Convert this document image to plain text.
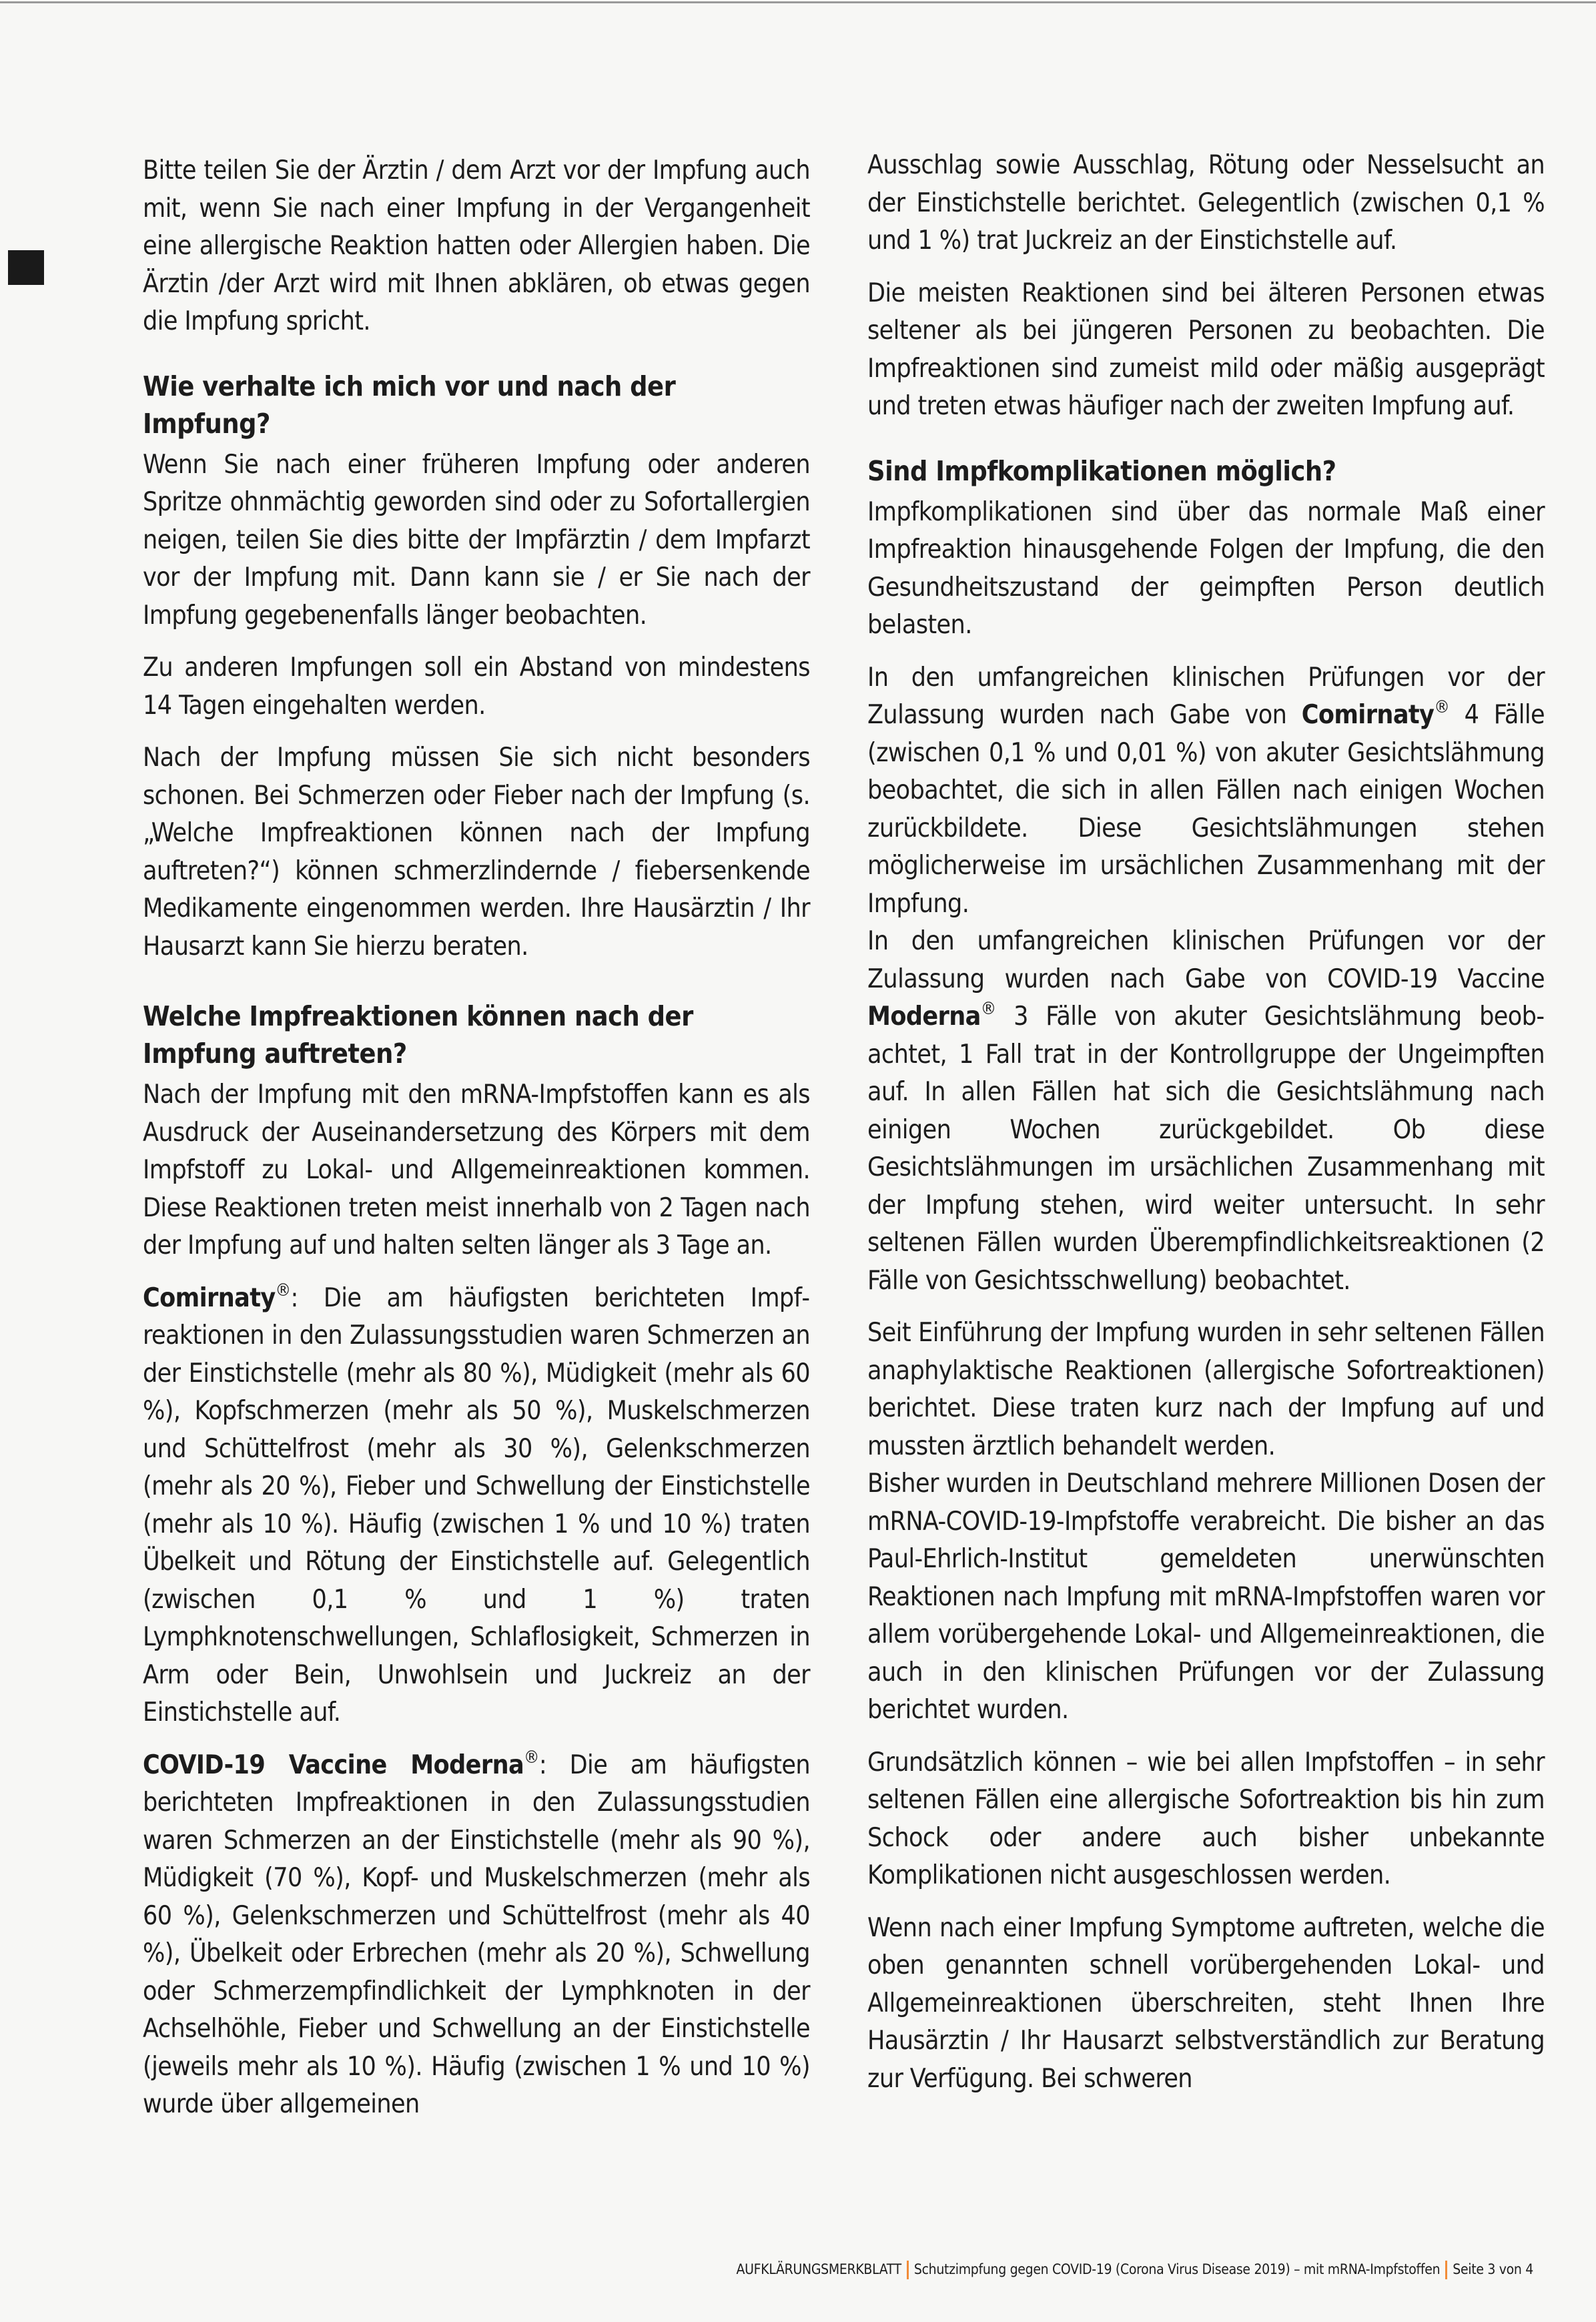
Bitte teilen Sie der Ärztin / dem Arzt vor der Impfung auch mit, wenn Sie nach einer Impfung in der Vergangenheit eine allergische Reaktion hatten oder Allergien haben. Die Ärztin /der Arzt wird mit Ihnen abklären, ob etwas gegen die Impfung spricht.

Wie verhalte ich mich vor und nach der Impfung?

Wenn Sie nach einer früheren Impfung oder anderen Spritze ohnmächtig geworden sind oder zu Sofortallergien neigen, teilen Sie dies bitte der Impfärztin / dem Impfarzt vor der Impfung mit. Dann kann sie / er Sie nach der Impfung gegebenenfalls länger beobachten.

Zu anderen Impfungen soll ein Abstand von mindestens 14 Tagen eingehalten werden.

Nach der Impfung müssen Sie sich nicht besonders schonen. Bei Schmerzen oder Fieber nach der Impfung (s. „Welche Impfreaktionen können nach der Impfung auftreten?“) können schmerzlindernde / fiebersenkende Medikamente eingenommen werden. Ihre Hausärztin / Ihr Hausarzt kann Sie hierzu beraten.

Welche Impfreaktionen können nach der Impfung auftreten?

Nach der Impfung mit den mRNA-Impfstoffen kann es als Ausdruck der Auseinandersetzung des Körpers mit dem Impfstoff zu Lokal- und Allgemeinreaktionen kommen. Diese Reaktionen treten meist innerhalb von 2 Tagen nach der Impfung auf und halten selten länger als 3 Tage an.

Comirnaty®: Die am häufigsten berichteten Impfreaktionen in den Zulassungsstudien waren Schmerzen an der Einstichstelle (mehr als 80 %), Müdigkeit (mehr als 60 %), Kopfschmerzen (mehr als 50 %), Muskelschmerzen und Schüttelfrost (mehr als 30 %), Gelenkschmerzen (mehr als 20 %), Fieber und Schwellung der Einstichstelle (mehr als 10 %). Häufig (zwischen 1 % und 10 %) traten Übelkeit und Rötung der Einstichstelle auf. Gelegentlich (zwischen 0,1 % und 1 %) traten Lymphknotenschwellungen, Schlaflosigkeit, Schmerzen in Arm oder Bein, Unwohlsein und Juckreiz an der Einstichstelle auf.

COVID-19 Vaccine Moderna®: Die am häufigsten berichteten Impfreaktionen in den Zulassungsstudien waren Schmerzen an der Einstichstelle (mehr als 90 %), Müdigkeit (70 %), Kopf- und Muskelschmerzen (mehr als 60 %), Gelenkschmerzen und Schüttelfrost (mehr als 40 %), Übelkeit oder Erbrechen (mehr als 20 %), Schwellung oder Schmerzempfindlichkeit der Lymphknoten in der Achselhöhle, Fieber und Schwellung an der Einstichstelle (jeweils mehr als 10 %). Häufig (zwischen 1 % und 10 %) wurde über allgemeinen

Ausschlag sowie Ausschlag, Rötung oder Nesselsucht an der Einstichstelle berichtet. Gelegentlich (zwischen 0,1 % und 1 %) trat Juckreiz an der Einstichstelle auf.

Die meisten Reaktionen sind bei älteren Personen etwas seltener als bei jüngeren Personen zu beobachten. Die Impfreaktionen sind zumeist mild oder mäßig ausgeprägt und treten etwas häufiger nach der zweiten Impfung auf.

Sind Impfkomplikationen möglich?

Impfkomplikationen sind über das normale Maß einer Impfreaktion hinausgehende Folgen der Impfung, die den Gesundheitszustand der geimpften Person deutlich belasten.

In den umfangreichen klinischen Prüfungen vor der Zulassung wurden nach Gabe von Comirnaty® 4 Fälle (zwischen 0,1 % und 0,01 %) von akuter Gesichtslähmung beobachtet, die sich in allen Fällen nach einigen Wochen zurückbildete. Diese Gesichtslähmungen stehen möglicherweise im ursächlichen Zusammenhang mit der Impfung.

In den umfangreichen klinischen Prüfungen vor der Zulassung wurden nach Gabe von COVID-19 Vaccine Moderna® 3 Fälle von akuter Gesichtslähmung beobachtet, 1 Fall trat in der Kontrollgruppe der Ungeimpften auf. In allen Fällen hat sich die Gesichtslähmung nach einigen Wochen zurückgebildet. Ob diese Gesichtslähmungen im ursächlichen Zusammenhang mit der Impfung stehen, wird weiter untersucht. In sehr seltenen Fällen wurden Überempfindlichkeitsreaktionen (2 Fälle von Gesichtsschwellung) beobachtet.

Seit Einführung der Impfung wurden in sehr seltenen Fällen anaphylaktische Reaktionen (allergische Sofortreaktionen) berichtet. Diese traten kurz nach der Impfung auf und mussten ärztlich behandelt werden.

Bisher wurden in Deutschland mehrere Millionen Dosen der mRNA-COVID-19-Impfstoffe verabreicht. Die bisher an das Paul-Ehrlich-Institut gemeldeten unerwünschten Reaktionen nach Impfung mit mRNA-Impfstoffen waren vor allem vorübergehende Lokal- und Allgemeinreaktionen, die auch in den klinischen Prüfungen vor der Zulassung berichtet wurden.

Grundsätzlich können – wie bei allen Impfstoffen – in sehr seltenen Fällen eine allergische Sofortreaktion bis hin zum Schock oder andere auch bisher unbekannte Komplikationen nicht ausgeschlossen werden.

Wenn nach einer Impfung Symptome auftreten, welche die oben genannten schnell vorübergehenden Lokal- und Allgemeinreaktionen überschreiten, steht Ihnen Ihre Hausärztin / Ihr Hausarzt selbstverständlich zur Beratung zur Verfügung. Bei schweren

AUFKLÄRUNGSMERKBLATT Schutzimpfung gegen COVID-19 (Corona Virus Disease 2019) – mit mRNA-Impfstoffen Seite 3 von 4
